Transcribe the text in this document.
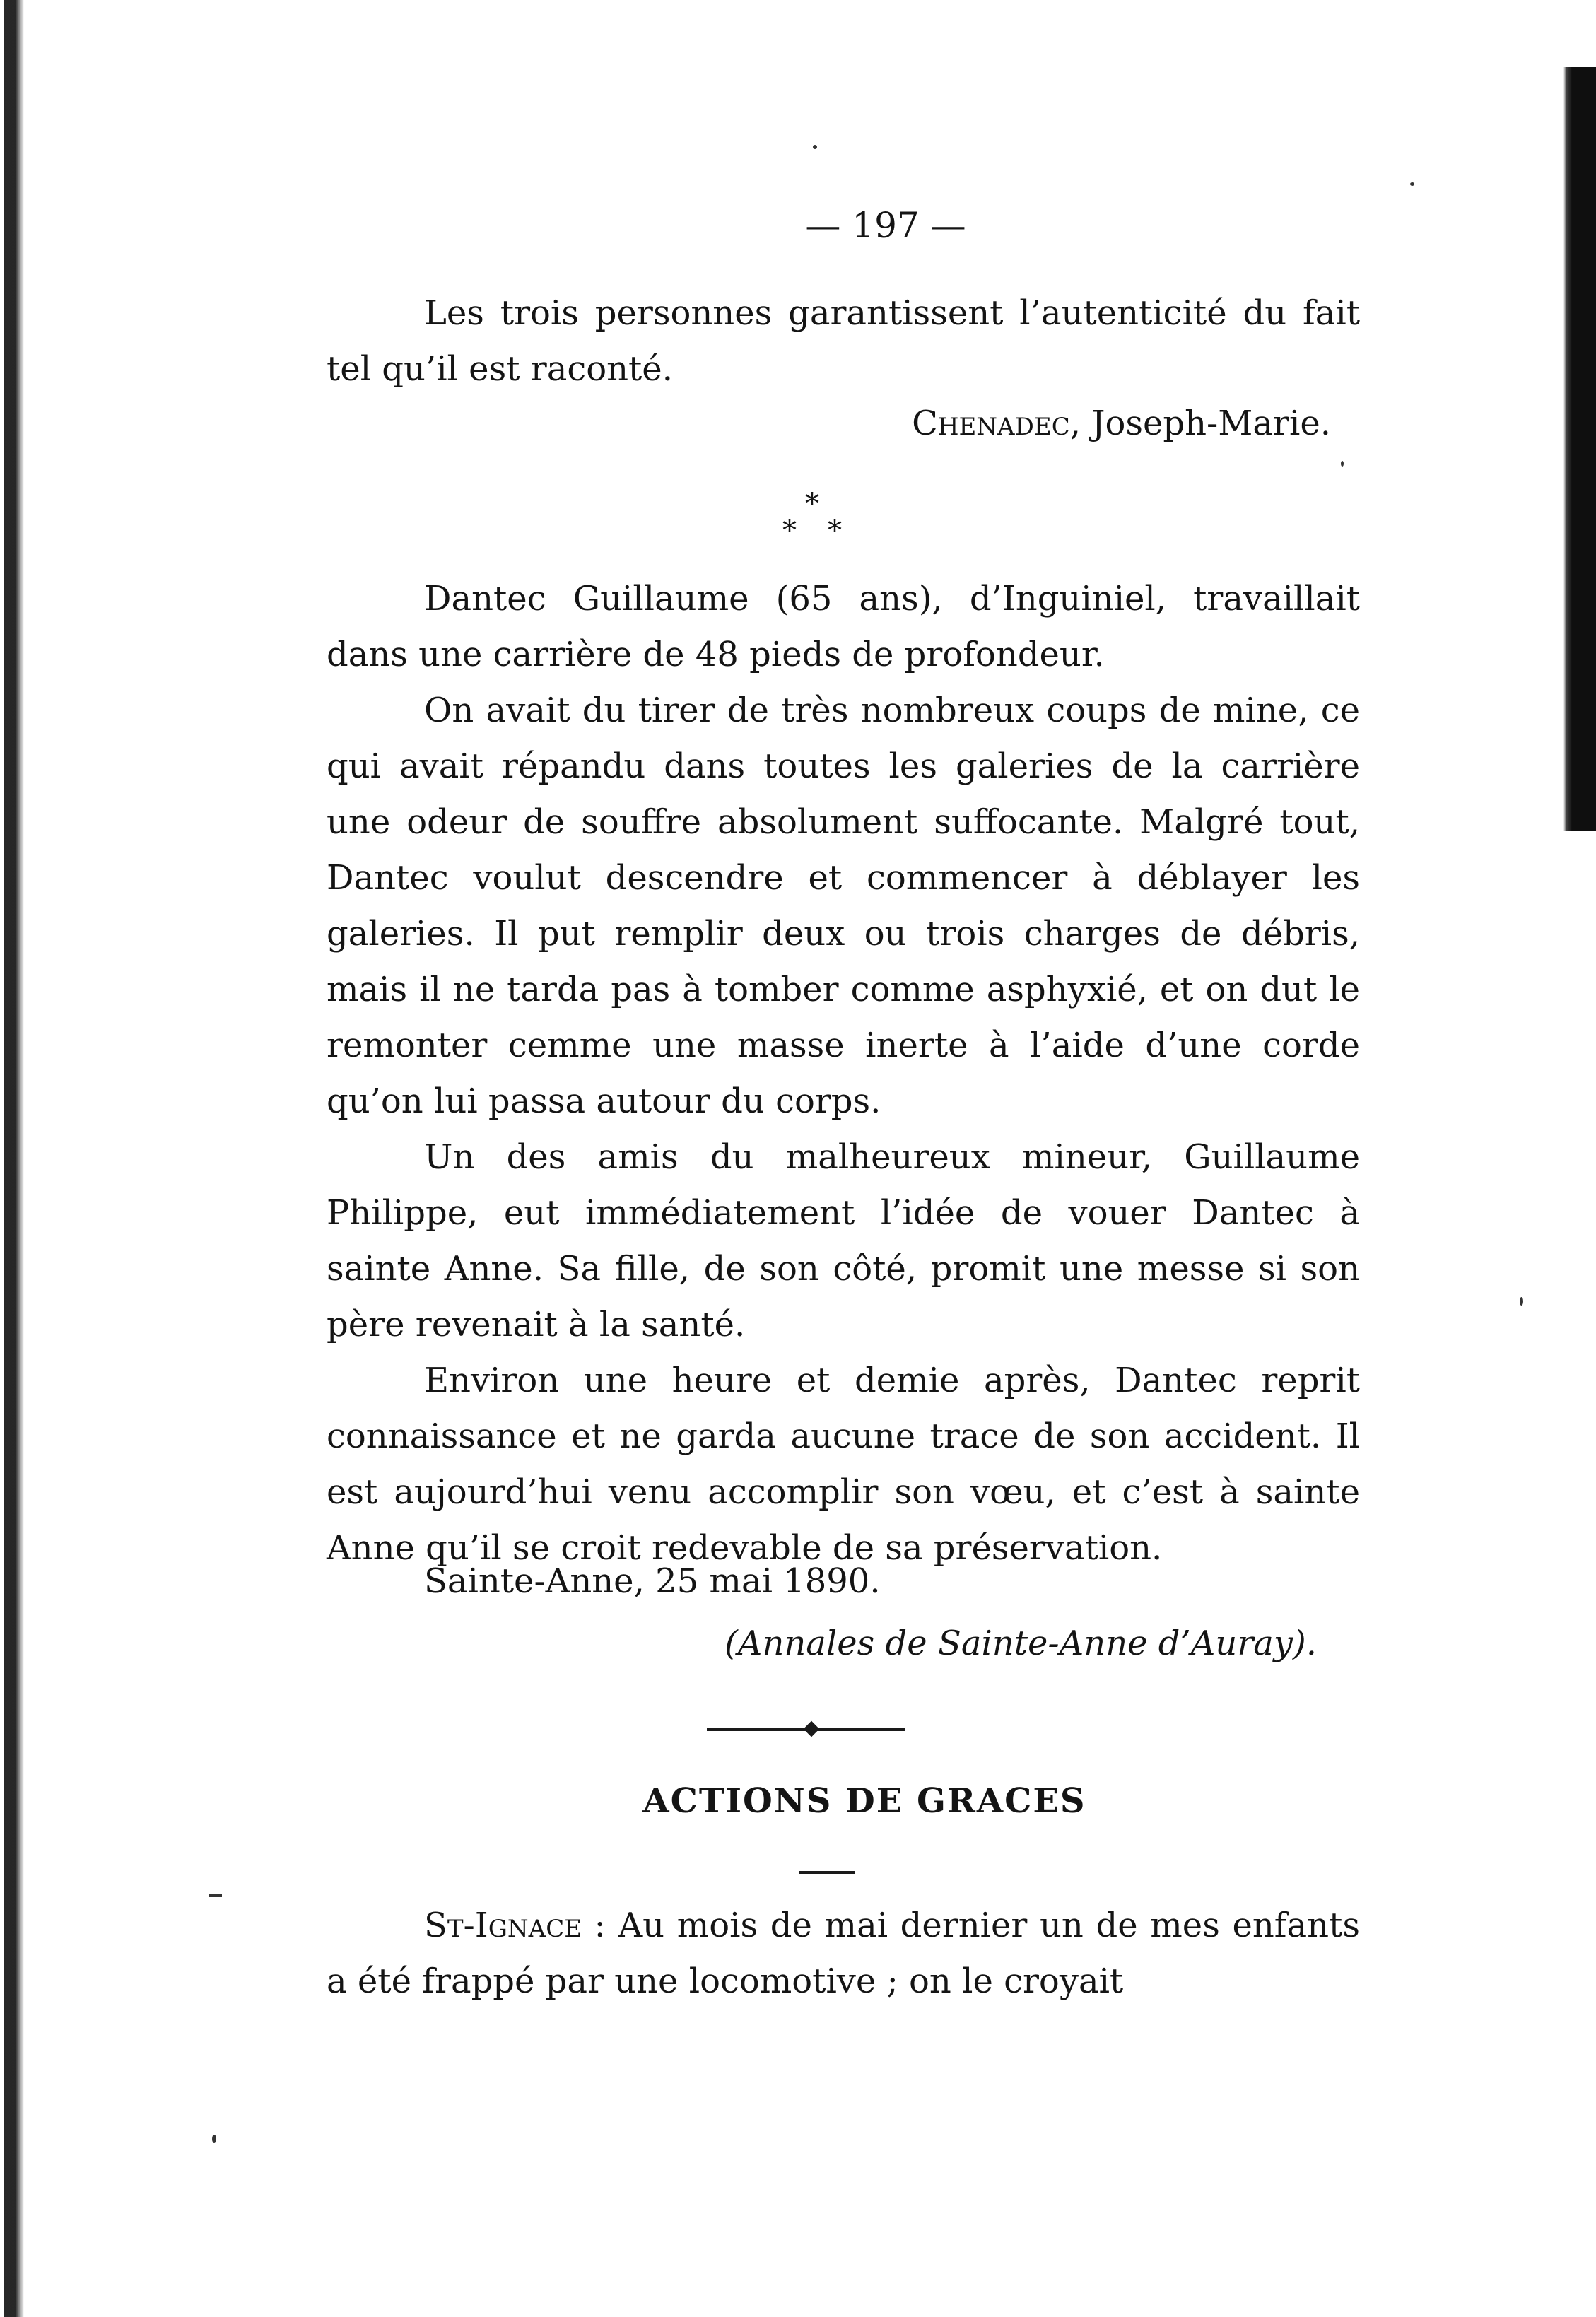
— 197 —

Les trois personnes garantissent l’autenticité du fait tel qu’il est raconté.

Chenadec, Joseph-Marie.
*
* *

Dantec Guillaume (65 ans), d’Inguiniel, travaillait dans une carrière de 48 pieds de profondeur.

On avait du tirer de très nombreux coups de mine, ce qui avait répandu dans toutes les galeries de la carrière une odeur de souffre absolument suffocante. Malgré tout, Dantec voulut descendre et commencer à déblayer les galeries. Il put remplir deux ou trois charges de débris, mais il ne tarda pas à tomber comme asphyxié, et on dut le remonter cemme une masse inerte à l’aide d’une corde qu’on lui passa autour du corps.

Un des amis du malheureux mineur, Guillaume Philippe, eut immédiatement l’idée de vouer Dantec à sainte Anne. Sa fille, de son côté, promit une messe si son père revenait à la santé.

Environ une heure et demie après, Dantec reprit connaissance et ne garda aucune trace de son accident. Il est aujourd’hui venu accomplir son vœu, et c’est à sainte Anne qu’il se croit redevable de sa préservation.

Sainte-Anne, 25 mai 1890.
(Annales de Sainte-Anne d’Auray).
ACTIONS DE GRACES

St-Ignace : Au mois de mai dernier un de mes enfants a été frappé par une locomotive ; on le croyait
